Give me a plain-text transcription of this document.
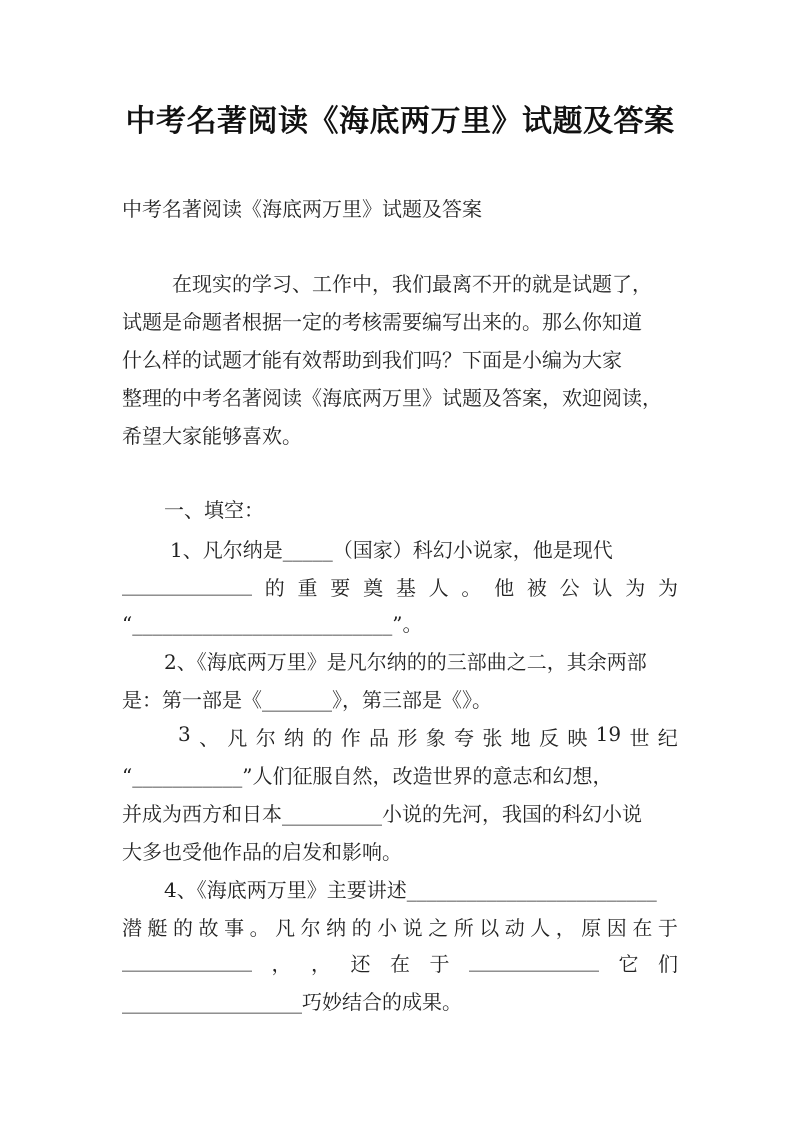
中考名著阅读《海底两万里》试题及答案
中考名著阅读《海底两万里》试题及答案
在现实的学习、工作中，我们最离不开的就是试题了，
试题是命题者根据一定的考核需要编写出来的。那么你知道
什么样的试题才能有效帮助到我们吗？下面是小编为大家
整理的中考名著阅读《海底两万里》试题及答案，欢迎阅读，
希望大家能够喜欢。
一、填空：
1、凡尔纳是_____（国家）科幻小说家，他是现代
_____________ 的 重 要 奠 基 人 。 他 被 公 认 为 为
“__________________________”。
2、《海底两万里》是凡尔纳的的三部曲之二，其余两部
是：第一部是《_______》，第三部是《》。
3 、 凡 尔 纳 的 作 品 形 象 夸 张 地 反 映 19 世 纪
“___________”人们征服自然，改造世界的意志和幻想，
并成为西方和日本__________小说的先河，我国的科幻小说
大多也受他作品的启发和影响。
4、《海底两万里》主要讲述_________________________
潜 艇 的 故 事 。 凡 尔 纳 的 小 说 之 所 以 动 人 ， 原 因 在 于
_____________ ， ， 还 在 于 _____________ 它 们
__________________巧妙结合的成果。
